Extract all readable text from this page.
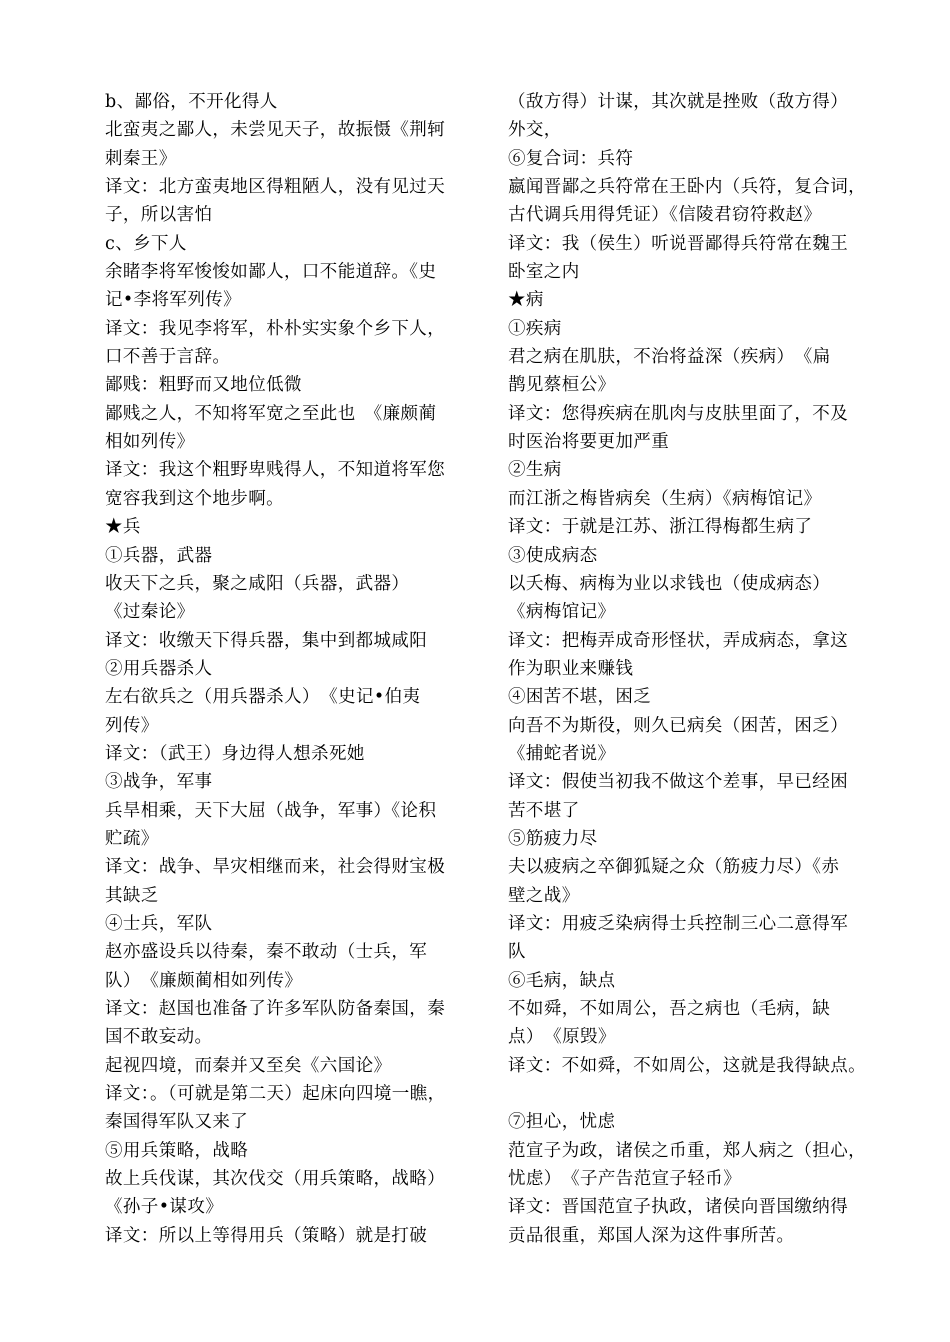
b、鄙俗，不开化得人
北蛮夷之鄙人，未尝见天子，故振慑《荆轲
刺秦王》
译文：北方蛮夷地区得粗陋人，没有见过天
子，所以害怕
c、乡下人
余睹李将军悛悛如鄙人，口不能道辞。《史
记•李将军列传》
译文：我见李将军，朴朴实实象个乡下人，
口不善于言辞。
鄙贱：粗野而又地位低微
鄙贱之人，不知将军宽之至此也　《廉颇蔺
相如列传》
译文：我这个粗野卑贱得人，不知道将军您
宽容我到这个地步啊。
★兵
①兵器，武器
收天下之兵，聚之咸阳（兵器，武器）
《过秦论》
译文：收缴天下得兵器，集中到都城咸阳
②用兵器杀人
左右欲兵之（用兵器杀人）　《史记•伯夷
列传》
译文：（武王）身边得人想杀死她
③战争，军事
兵旱相乘，天下大屈（战争，军事）《论积
贮疏》
译文：战争、旱灾相继而来，社会得财宝极
其缺乏
④士兵，军队
赵亦盛设兵以待秦，秦不敢动（士兵，军
队）　《廉颇蔺相如列传》
译文：赵国也准备了许多军队防备秦国，秦
国不敢妄动。
起视四境，而秦并又至矣《六国论》
译文：。（可就是第二天）起床向四境一瞧，
秦国得军队又来了
⑤用兵策略，战略
故上兵伐谋，其次伐交（用兵策略，战略）
《孙子•谋攻》
译文：所以上等得用兵（策略）就是打破
（敌方得）计谋，其次就是挫败（敌方得）
外交，
⑥复合词：兵符
嬴闻晋鄙之兵符常在王卧内（兵符，复合词，
古代调兵用得凭证）《信陵君窃符救赵》
译文：我（侯生）听说晋鄙得兵符常在魏王
卧室之内
★病
①疾病
君之病在肌肤，不治将益深（疾病）　《扁
鹊见蔡桓公》
译文：您得疾病在肌肉与皮肤里面了，不及
时医治将要更加严重
②生病
而江浙之梅皆病矣（生病）《病梅馆记》
译文：于就是江苏、浙江得梅都生病了
③使成病态
以夭梅、病梅为业以求钱也（使成病态）
《病梅馆记》
译文：把梅弄成奇形怪状，弄成病态，拿这
作为职业来赚钱
④困苦不堪，困乏
向吾不为斯役，则久已病矣（困苦，困乏）
《捕蛇者说》
译文：假使当初我不做这个差事，早已经困
苦不堪了
⑤筋疲力尽
夫以疲病之卒御狐疑之众（筋疲力尽）《赤
壁之战》
译文：用疲乏染病得士兵控制三心二意得军
队
⑥毛病，缺点
不如舜，不如周公，吾之病也（毛病，缺
点）　《原毁》
译文：不如舜，不如周公，这就是我得缺点。
⑦担心，忧虑
范宣子为政，诸侯之币重，郑人病之（担心，
忧虑）　《子产告范宣子轻币》
译文：晋国范宣子执政，诸侯向晋国缴纳得
贡品很重，郑国人深为这件事所苦。
